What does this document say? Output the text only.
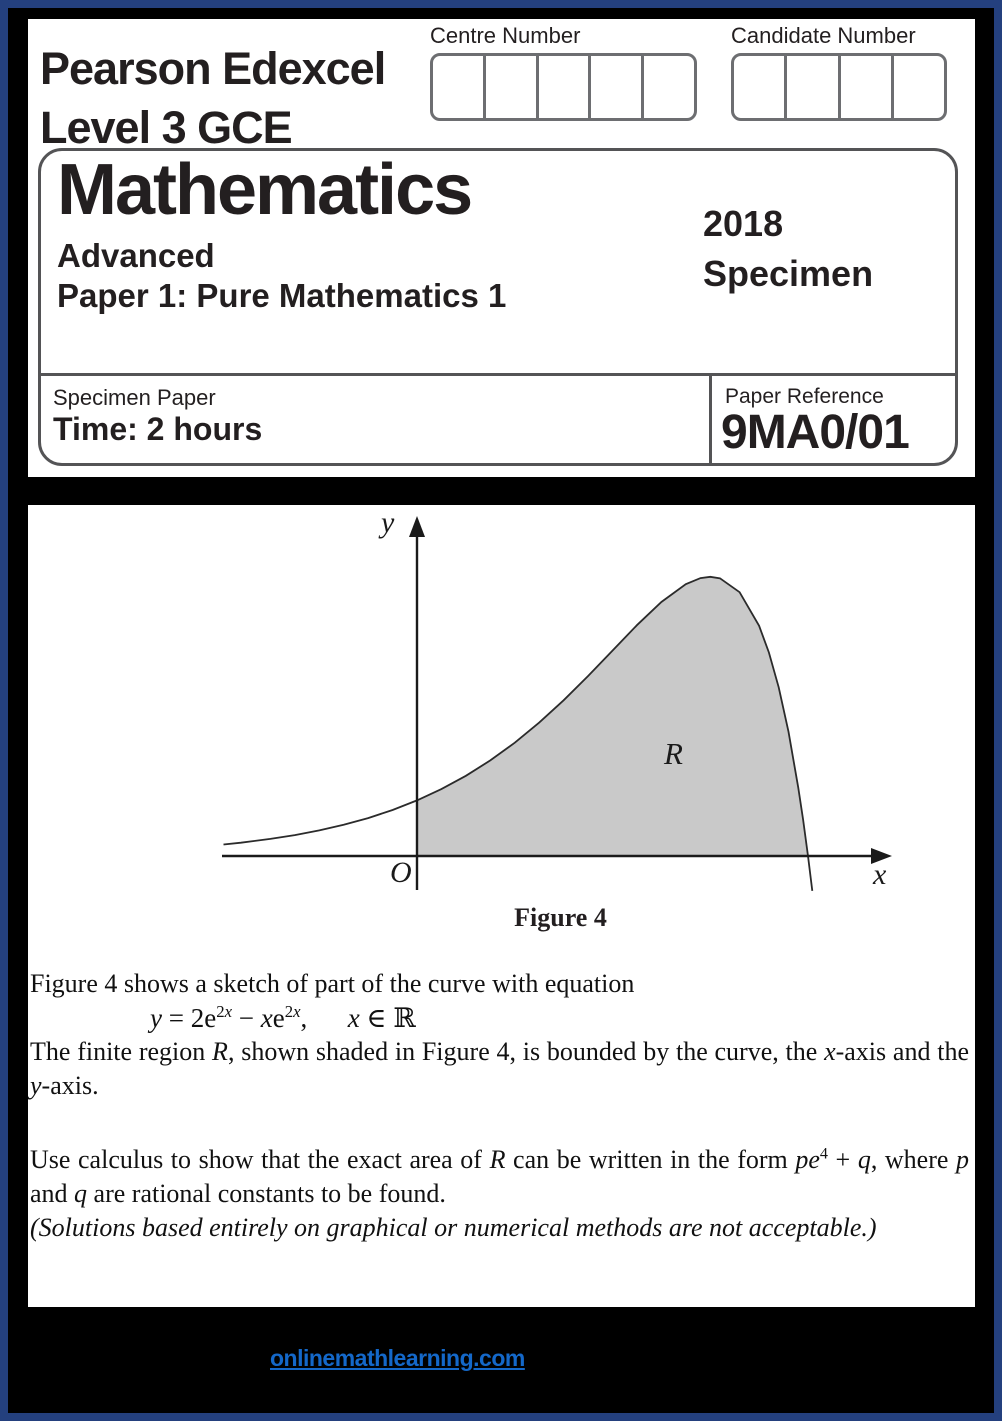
Pearson Edexcel
Level 3 GCE
Centre Number	Candidate Number
Mathematics
Advanced
Paper 1: Pure Mathematics 1
2018
Specimen
Specimen Paper
Time: 2 hours
Paper Reference
9MA0/01
y
x
O
R
Figure 4
Figure 4 shows a sketch of part of the curve with equation
$y = 2e^{2x} - xe^{2x}$, x ∈ ℝ
The finite region R, shown shaded in Figure 4, is bounded by the curve, the x-axis and the y-axis.
Use calculus to show that the exact area of R can be written in the form $pe^4 + q$, where p and q are rational constants to be found.
(Solutions based entirely on graphical or numerical methods are not acceptable.)
onlinemathlearning.com
